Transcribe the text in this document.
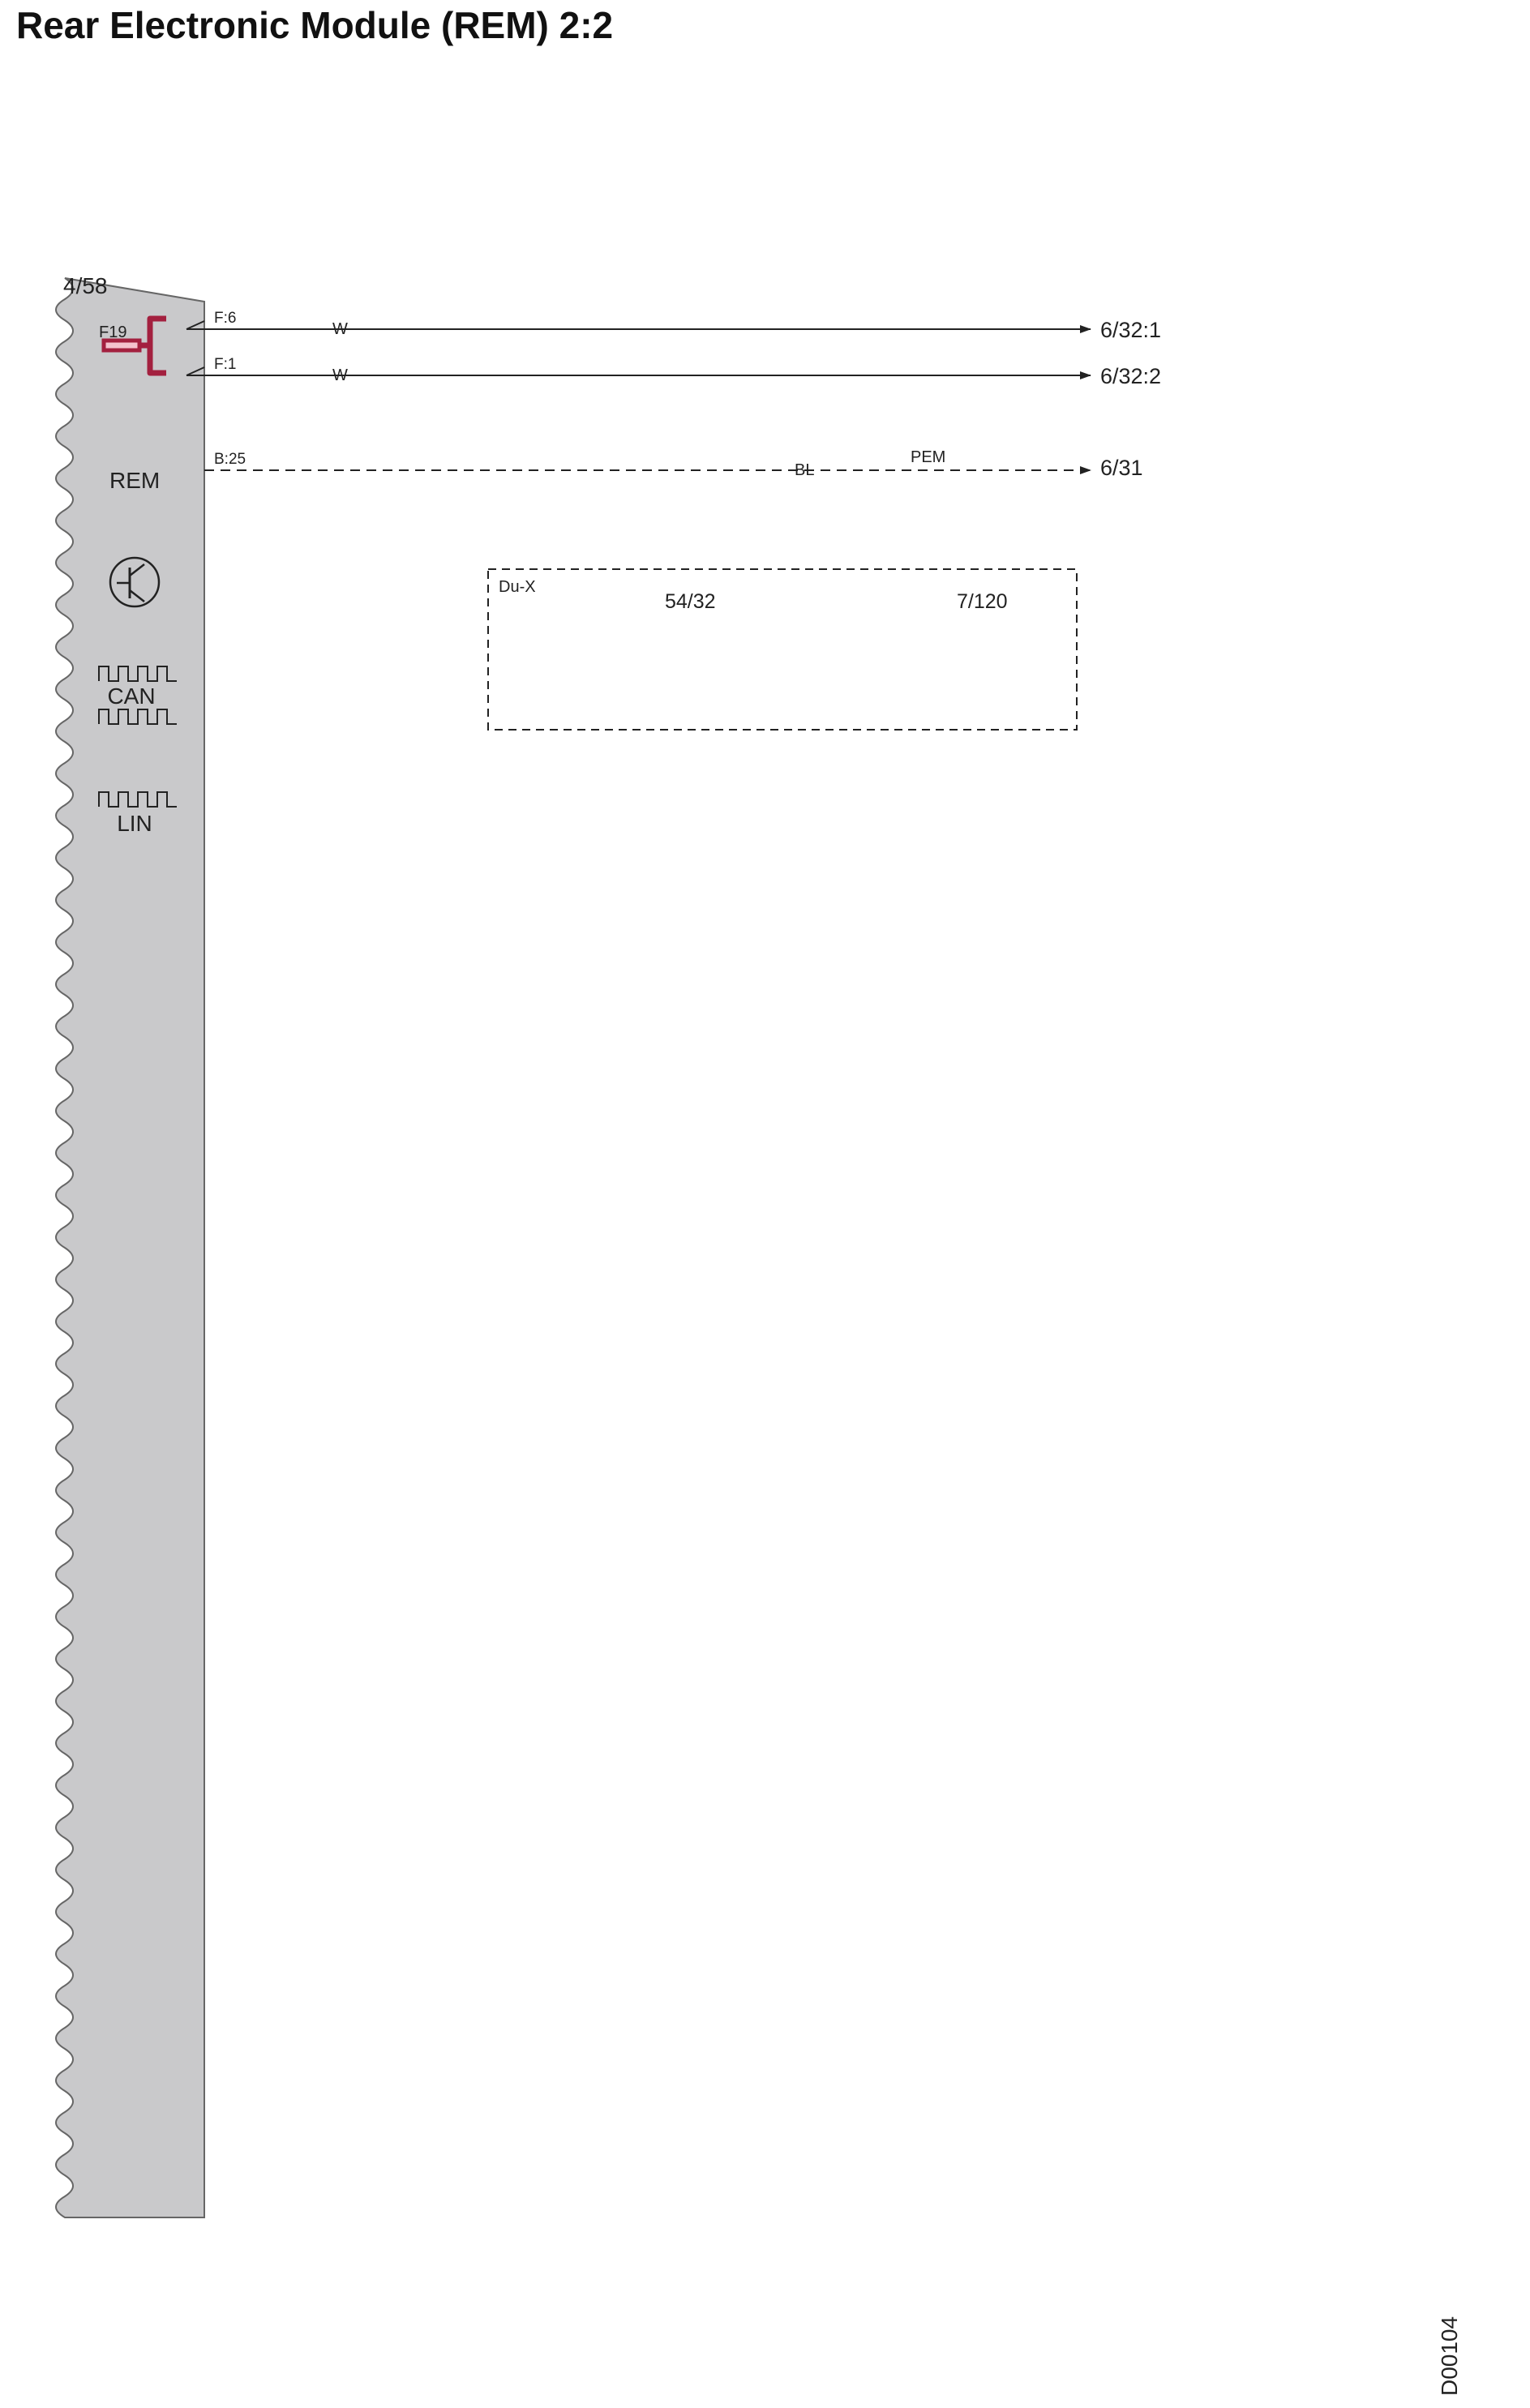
Rear Electronic Module (REM) 2:2
D00104
4/58
REM
CAN
LIN
F19
F:6
W	6/32:1
F:1
W	6/32:2
B:25
BL	6/31
PEM
Du-X
54/32	7/120
